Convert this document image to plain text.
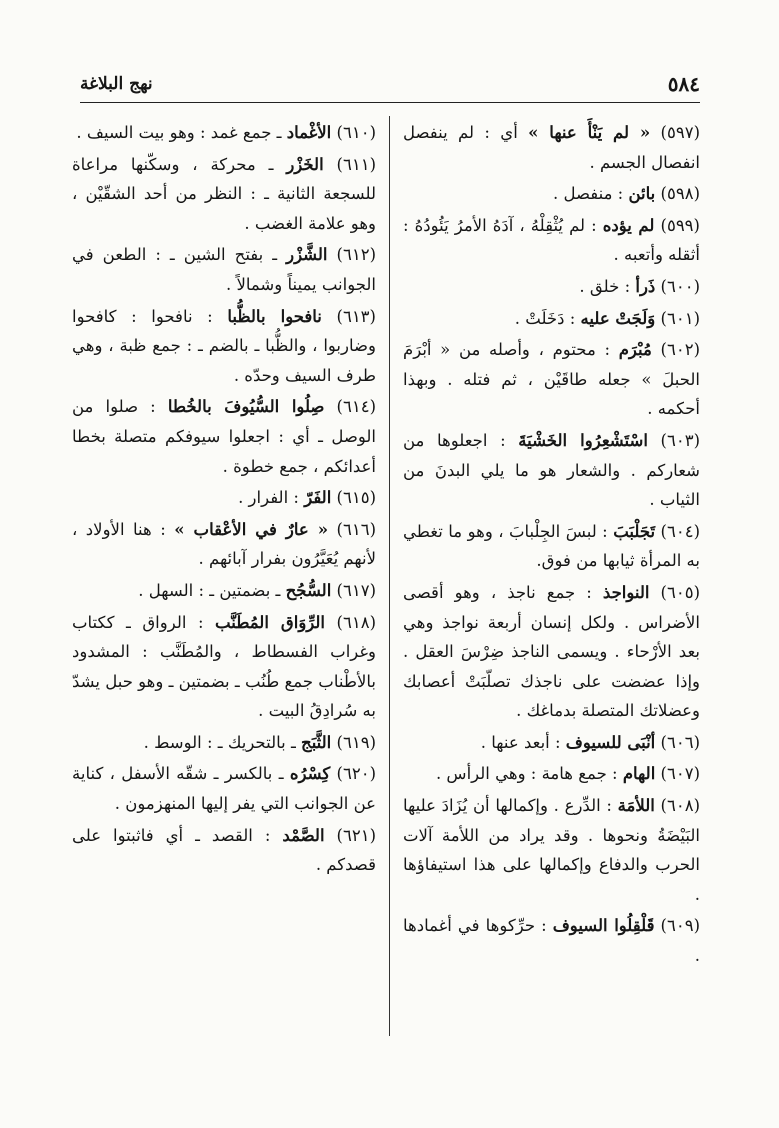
٥٨٤
نهج البلاغة
(٥٩٧) « لم يَنْأَ عنها » أي : لم ينفصل انفصال الجسم .
(٥٩٨) بائن : منفصل .
(٥٩٩) لم يؤده : لم يُثْقِلْهُ ، آدَهُ الأمرُ يَئُودُهُ : أثقله وأتعبه .
(٦٠٠) ذَرأ : خلق .
(٦٠١) وَلَجَتْ عليه : دَخَلَتْ .
(٦٠٢) مُبْرَم : محتوم ، وأصله من « أبْرَمَ الحبلَ » جعله طاقَيْن ، ثم فتله . وبهذا أحكمه .
(٦٠٣) اسْتَشْعِرُوا الخَشْيَةَ : اجعلوها من شعاركم . والشعار هو ما يلي البدنَ من الثياب .
(٦٠٤) تَجَلْبَبَ : لبسَ الجِلْبابَ ، وهو ما تغطي به المرأة ثيابها من فوق.
(٦٠٥) النواجذ : جمع ناجذ ، وهو أقصى الأضراس . ولكل إنسان أربعة نواجذ وهي بعد الأرْحاء . ويسمى الناجذ ضِرْسَ العقل . وإذا عضضت على ناجذك تصلّبَتْ أعصابك وعضلاتك المتصلة بدماغك .
(٦٠٦) أنْبَى للسيوف : أبعد عنها .
(٦٠٧) الهام : جمع هامة : وهي الرأس .
(٦٠٨) اللأمَة : الدِّرع . وإكمالها أن يُزَادَ عليها البَيْضَةُ ونحوها . وقد يراد من اللأمة آلات الحرب والدفاع وإكمالها على هذا استيفاؤها .
(٦٠٩) قَلْقِلُوا السيوف : حرِّكوها في أغمادها .
(٦١٠) الأغْماد ـ جمع غمد : وهو بيت السيف .
(٦١١) الخَزْر ـ محركة ، وسكّنها مراعاة للسجعة الثانية ـ : النظر من أحد الشقّيْن ، وهو علامة الغضب .
(٦١٢) الشَّزْر ـ بفتح الشين ـ : الطعن في الجوانب يميناً وشمالاً .
(٦١٣) نافحوا بالظُّبا : نافحوا : كافحوا وضاربوا ، والظُّبا ـ بالضم ـ : جمع ظبة ، وهي طرف السيف وحدّه .
(٦١٤) صِلُوا السُّيُوفَ بالخُطا : صلوا من الوصل ـ أي : اجعلوا سيوفكم متصلة بخطا أعدائكم ، جمع خطوة .
(٦١٥) الفَرّ : الفرار .
(٦١٦) « عارٌ في الأعْقاب » : هنا الأولاد ، لأنهم يُعَيَّرُون بفرار آبائهم .
(٦١٧) السُّجُح ـ بضمتين ـ : السهل .
(٦١٨) الرِّوَاق المُطَنَّب : الرواق ـ ككتاب وغراب الفسطاط ، والمُطَنَّب : المشدود بالأطْناب جمع طُنُب ـ بضمتين ـ وهو حبل يشدّ به سُرادِقُ البيت .
(٦١٩) الثَّبَج ـ بالتحريك ـ : الوسط .
(٦٢٠) كِسْرُه ـ بالكسر ـ شقّه الأسفل ، كناية عن الجوانب التي يفر إليها المنهزمون .
(٦٢١) الصَّمْد : القصد ـ أي فاثبتوا على قصدكم .
